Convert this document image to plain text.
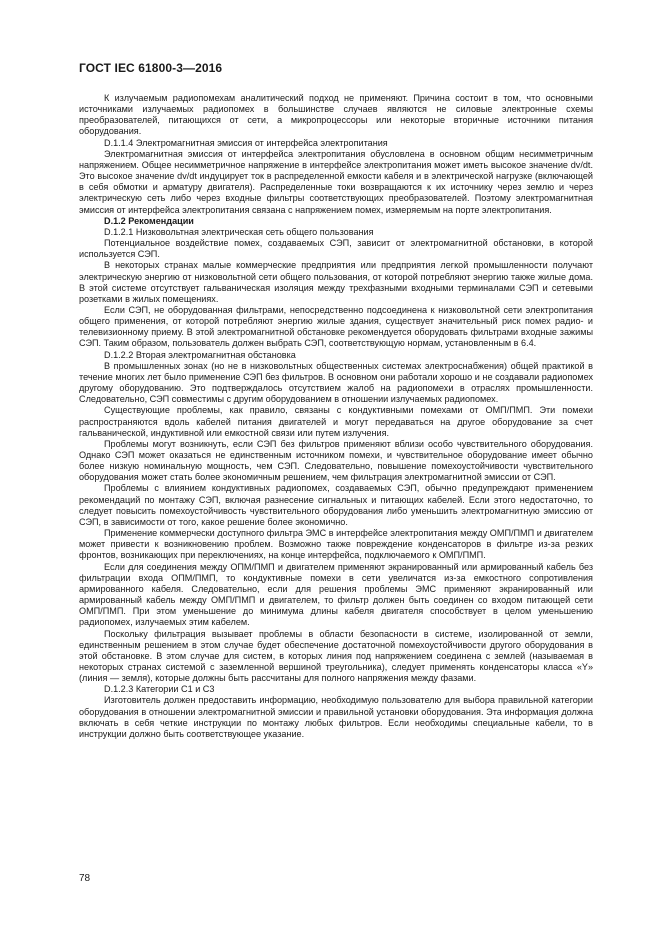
ГОСТ IEC 61800-3—2016

К излучаемым радиопомехам аналитический подход не применяют. Причина состоит в том, что основными источниками излучаемых радиопомех в большинстве случаев являются не силовые электронные схемы преобразователей, питающихся от сети, а микропроцессоры или некоторые вторичные источники питания оборудования.

D.1.1.4 Электромагнитная эмиссия от интерфейса электропитания

Электромагнитная эмиссия от интерфейса электропитания обусловлена в основном общим несимметричным напряжением. Общее несимметричное напряжение в интерфейсе электропитания может иметь высокое значение dv/dt. Это высокое значение dv/dt индуцирует ток в распределенной емкости кабеля и в электрической нагрузке (включающей в себя обмотки и арматуру двигателя). Распределенные токи возвращаются к их источнику через землю и через электрическую сеть либо через входные фильтры соответствующих преобразователей. Поэтому электромагнитная эмиссия от интерфейса электропитания связана с напряжением помех, измеряемым на порте электропитания.

D.1.2 Рекомендации

D.1.2.1 Низковольтная электрическая сеть общего пользования

Потенциальное воздействие помех, создаваемых СЭП, зависит от электромагнитной обстановки, в которой используется СЭП.

В некоторых странах малые коммерческие предприятия или предприятия легкой промышленности получают электрическую энергию от низковольтной сети общего пользования, от которой потребляют энергию также жилые дома. В этой системе отсутствует гальваническая изоляция между трехфазными входными терминалами СЭП и сетевыми розетками в жилых помещениях.

Если СЭП, не оборудованная фильтрами, непосредственно подсоединена к низковольтной сети электропитания общего применения, от которой потребляют энергию жилые здания, существует значительный риск помех радио- и телевизионному приему. В этой электромагнитной обстановке рекомендуется оборудовать фильтрами входные зажимы СЭП. Таким образом, пользователь должен выбрать СЭП, соответствующую нормам, установленным в 6.4.

D.1.2.2 Вторая электромагнитная обстановка

В промышленных зонах (но не в низковольтных общественных системах электроснабжения) общей практикой в течение многих лет было применение СЭП без фильтров. В основном они работали хорошо и не создавали радиопомех другому оборудованию. Это подтверждалось отсутствием жалоб на радиопомехи в отраслях промышленности. Следовательно, СЭП совместимы с другим оборудованием в отношении излучаемых радиопомех.

Существующие проблемы, как правило, связаны с кондуктивными помехами от ОМП/ПМП. Эти помехи распространяются вдоль кабелей питания двигателей и могут передаваться на другое оборудование за счет гальванической, индуктивной или емкостной связи или путем излучения.

Проблемы могут возникнуть, если СЭП без фильтров применяют вблизи особо чувствительного оборудования. Однако СЭП может оказаться не единственным источником помехи, и чувствительное оборудование имеет обычно более низкую номинальную мощность, чем СЭП. Следовательно, повышение помехоустойчивости чувствительного оборудования может стать более экономичным решением, чем фильтрация электромагнитной эмиссии от СЭП.

Проблемы с влиянием кондуктивных радиопомех, создаваемых СЭП, обычно предупреждают применением рекомендаций по монтажу СЭП, включая разнесение сигнальных и питающих кабелей. Если этого недостаточно, то следует повысить помехоустойчивость чувствительного оборудования либо уменьшить электромагнитную эмиссию от СЭП, в зависимости от того, какое решение более экономично.

Применение коммерчески доступного фильтра ЭМС в интерфейсе электропитания между ОМП/ПМП и двигателем может привести к возникновению проблем. Возможно также повреждение конденсаторов в фильтре из-за резких фронтов, возникающих при переключениях, на конце интерфейса, подключаемого к ОМП/ПМП.

Если для соединения между ОПМ/ПМП и двигателем применяют экранированный или армированный кабель без фильтрации входа ОПМ/ПМП, то кондуктивные помехи в сети увеличатся из-за емкостного сопротивления армированного кабеля. Следовательно, если для решения проблемы ЭМС применяют экранированный или армированный кабель между ОМП/ПМП и двигателем, то фильтр должен быть соединен со входом питающей сети ОМП/ПМП. При этом уменьшение до минимума длины кабеля двигателя способствует в целом уменьшению радиопомех, излучаемых этим кабелем.

Поскольку фильтрация вызывает проблемы в области безопасности в системе, изолированной от земли, единственным решением в этом случае будет обеспечение достаточной помехоустойчивости другого оборудования в этой обстановке. В этом случае для систем, в которых линия под напряжением соединена с землей (называемая в некоторых странах системой с заземленной вершиной треугольника), следует применять конденсаторы класса «Y» (линия — земля), которые должны быть рассчитаны для полного напряжения между фазами.

D.1.2.3 Категории С1 и С3

Изготовитель должен предоставить информацию, необходимую пользователю для выбора правильной категории оборудования в отношении электромагнитной эмиссии и правильной установки оборудования. Эта информация должна включать в себя четкие инструкции по монтажу любых фильтров. Если необходимы специальные кабели, то в инструкции должно быть соответствующее указание.

78
